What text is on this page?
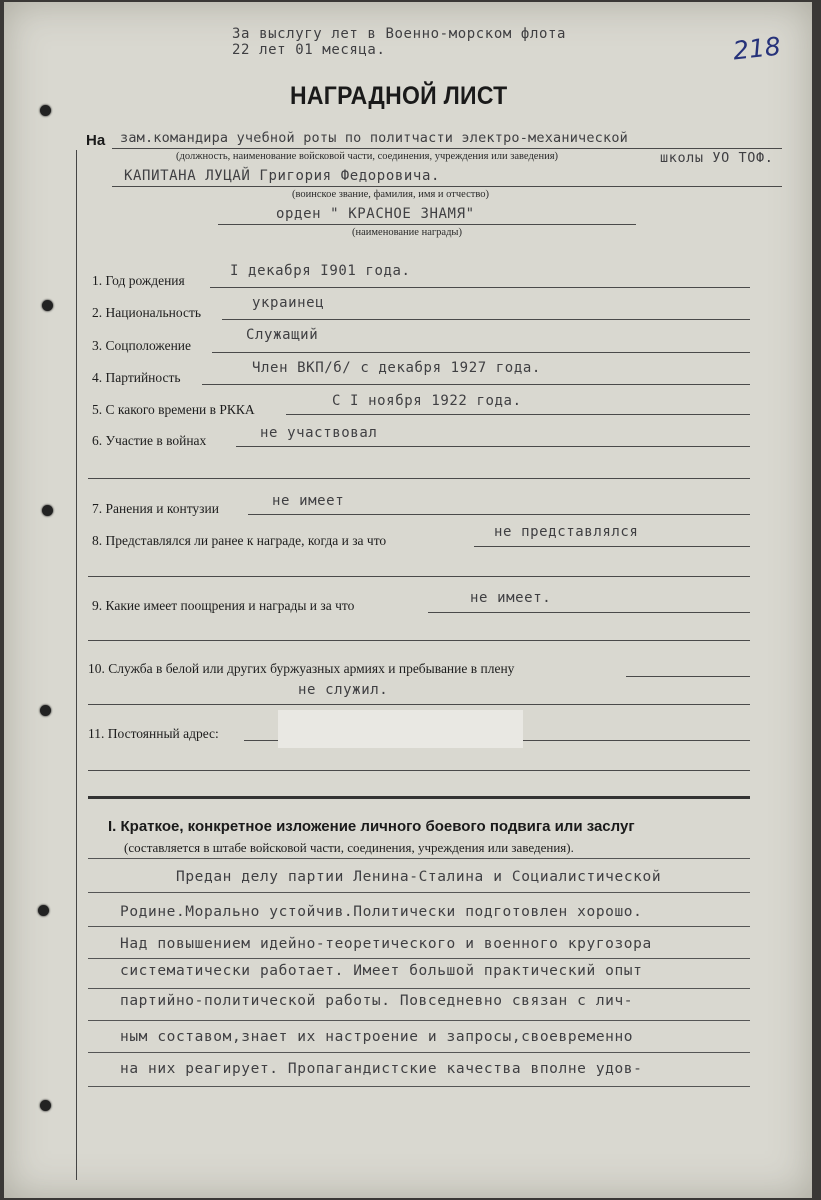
218
За выслугу лет в Военно-морском флота
22 лет 01 месяца.
НАГРАДНОЙ ЛИСТ
На зам.командира учебной роты по политчасти электро-механической
(должность, наименование войсковой части, соединения, учреждения или заведения)	школы УО ТОФ.
КАПИТАНА ЛУЦАЙ Григория Федоровича.
(воинское звание, фамилия, имя и отчество)
орден " КРАСНОЕ ЗНАМЯ"
(наименование награды)
1. Год рождения
I декабря I901 года.
2. Национальность
украинец
3. Соцположение
Служащий
4. Партийность
Член ВКП/б/ с декабря 1927 года.
5. С какого времени в РККА
С I ноября 1922 года.
6. Участие в войнах	не участвовал
7. Ранения и контузии	не имеет
8. Представлялся ли ранее к награде, когда и за что
не представлялся
9. Какие имеет поощрения и награды и за что	не имеет.
10. Служба в белой или других буржуазных армиях и пребывание в плену
не служил.
11. Постоянный адрес:
I. Краткое, конкретное изложение личного боевого подвига или заслуг
(составляется в штабе войсковой части, соединения, учреждения или заведения).
Предан делу партии Ленина-Сталина и Социалистической
Родине.Морально устойчив.Политически подготовлен хорошо.
Над повышением идейно-теоретического и военного кругозора
систематически работает. Имеет большой практический опыт
партийно-политической работы. Повседневно связан с лич-
ным составом,знает их настроение и запросы,своевременно
на них реагирует. Пропагандистские качества вполне удов-
